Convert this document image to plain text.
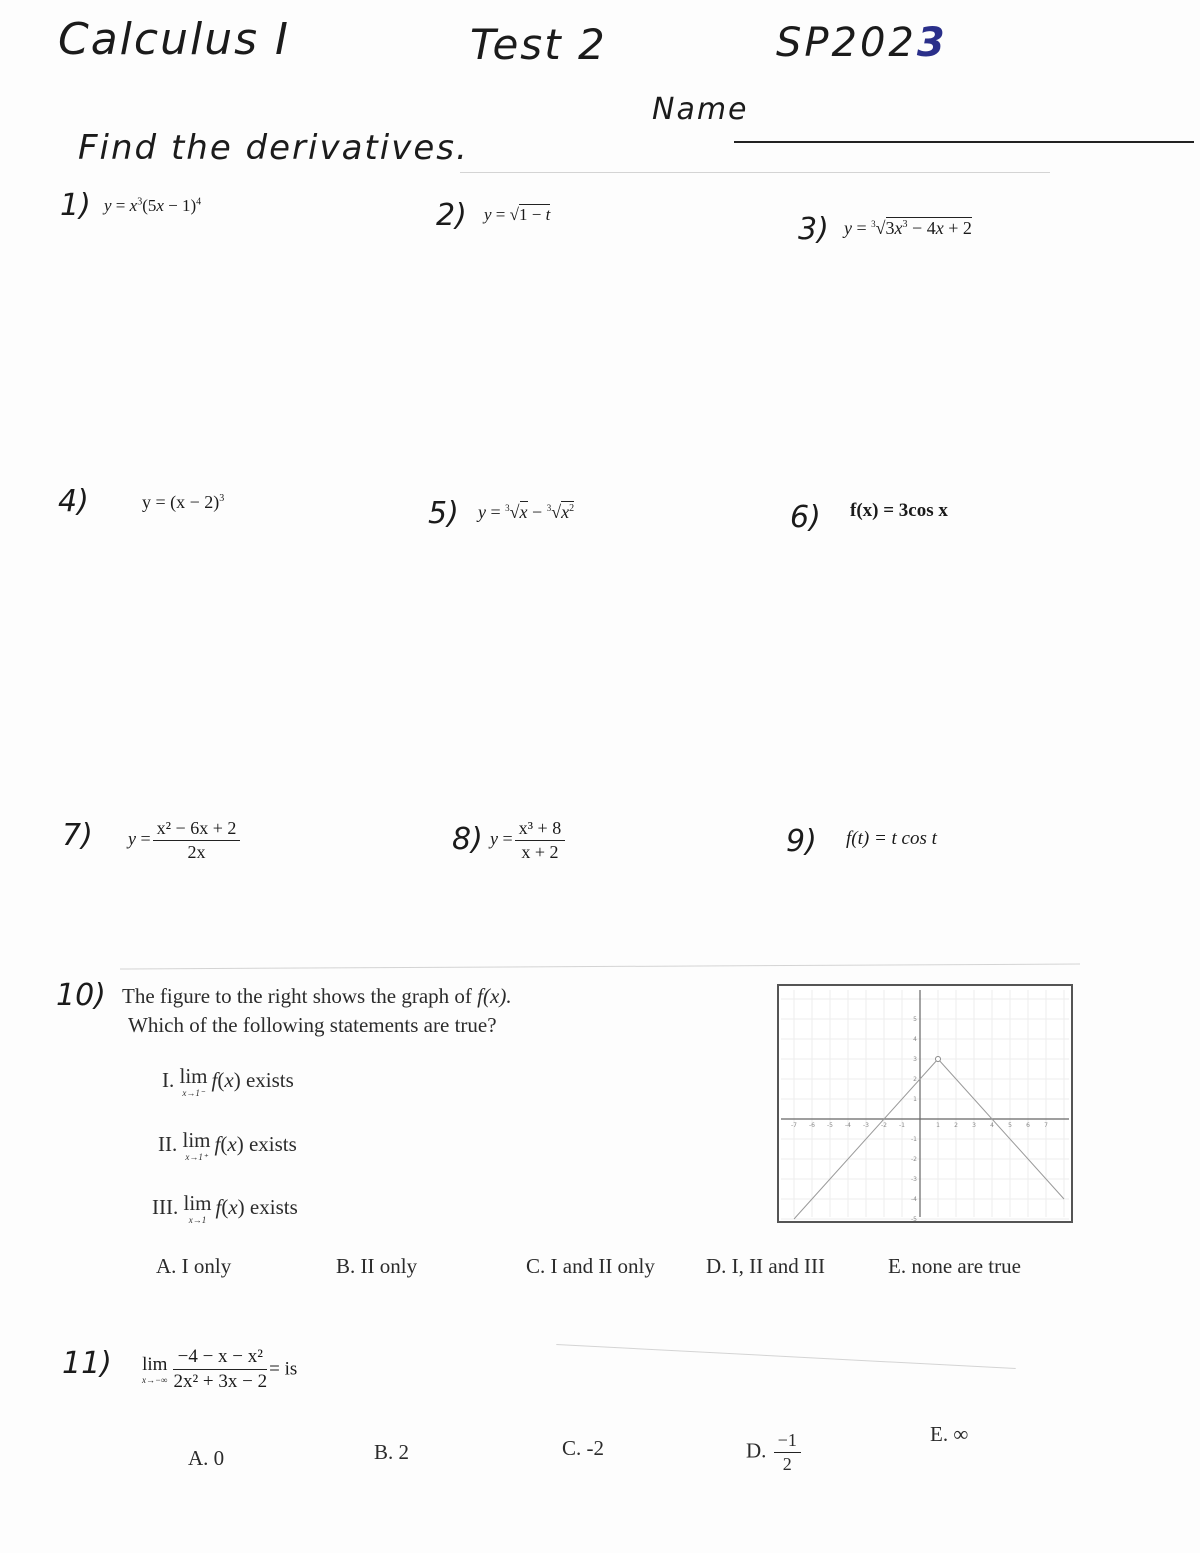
Calculus I	Test 2	SP2023
Name
Find the derivatives.
1) $y = x^3(5x - 1)^4$	2) y = √1 − t	3) $y = ^3√3x^3 - 4x + 2$
4)	$y = (x - 2)^3$	5) $y = ^3√x - ^3√x^2$	6) f(x) = 3cos x
7) $y = \frac{\text{x² − 6x + 2}}{2x}$	8) $y = \frac{\text{x³ + 8}}{x + 2}$	9) f(t) = t cos t
10) The figure to the right shows the graph of f(x).
Which of the following statements are true?
I. lim
x→1⁻
f(x) exists
II. lim
x→1⁺
f(x) exists
III. lim
x→1
f(x) exists
A. I only	B. II only	C. I and II only D. I, II and III	E. none are true
-7 -6 -5 -4 -3 -2 -1	1 2 3 4 5 6 7
5
4
3
2
1
-1
-2
-3
-4
-5
11) lim
$x\to-\infty \frac{\text{−4 − x − x²}}{\text{2x² + 3x − 2}}$ = is
A. 0	B. 2	C. -2	D. $\frac{-1}{2}$	E. ∞
